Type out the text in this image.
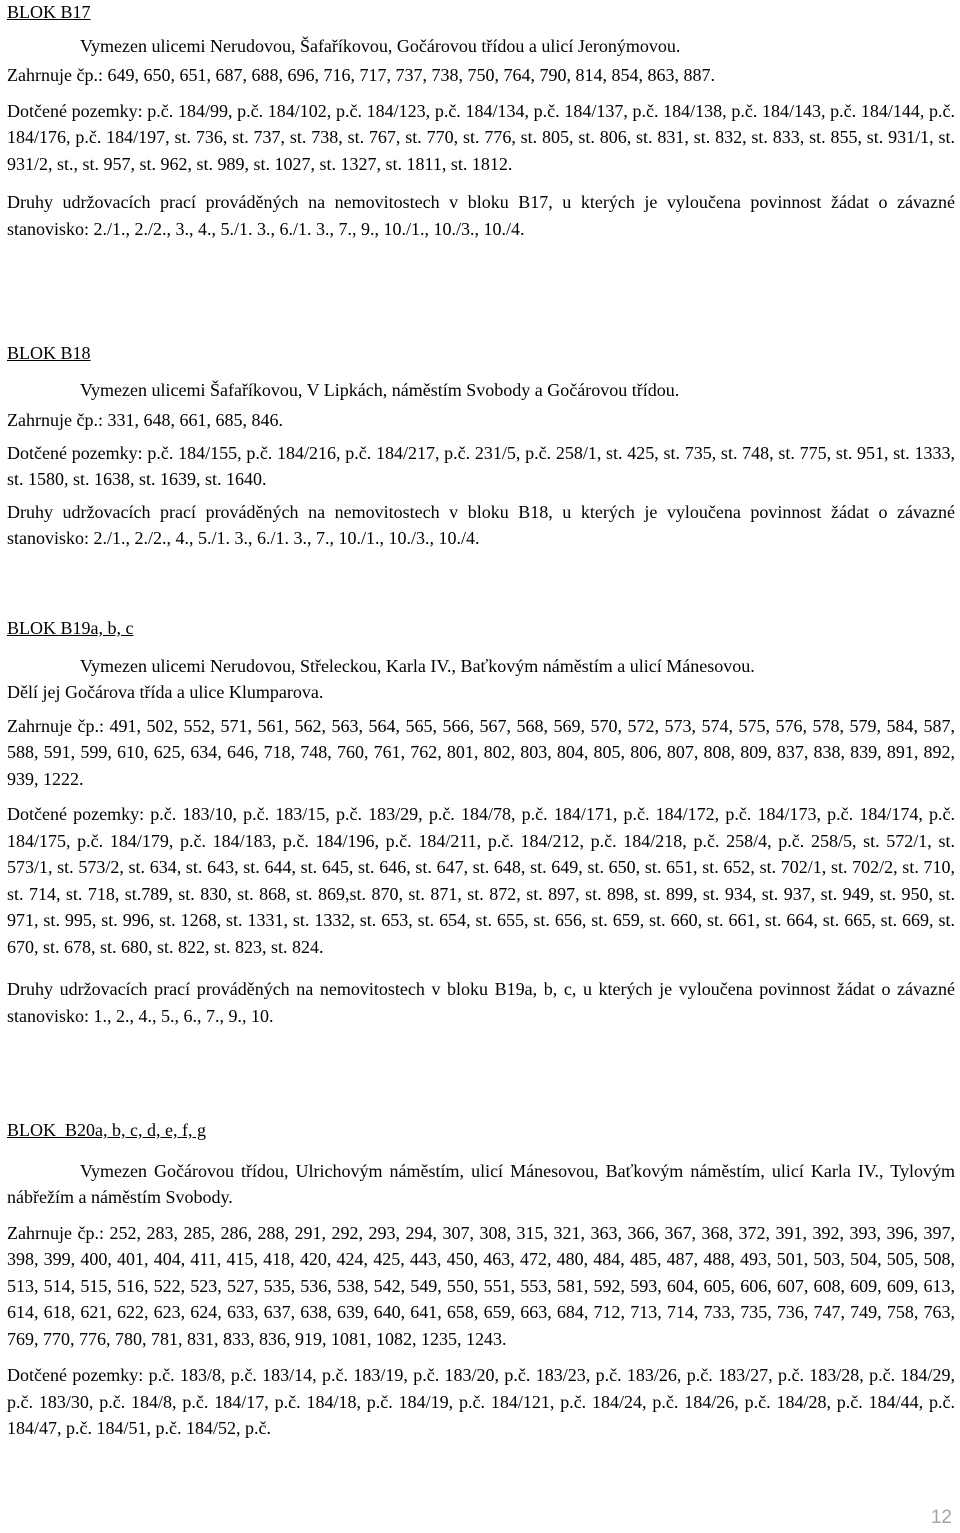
BLOK B17

Vymezen ulicemi Nerudovou, Šafaříkovou, Gočárovou třídou a ulicí Jeronýmovou.

Zahrnuje čp.: 649, 650, 651, 687, 688, 696, 716, 717, 737, 738, 750, 764, 790, 814, 854, 863, 887.

Dotčené pozemky: p.č. 184/99, p.č. 184/102, p.č. 184/123, p.č. 184/134, p.č. 184/137, p.č. 184/138, p.č. 184/143, p.č. 184/144, p.č. 184/176, p.č. 184/197, st. 736, st. 737, st. 738, st. 767, st. 770, st. 776, st. 805, st. 806, st. 831, st. 832, st. 833, st. 855, st. 931/1, st. 931/2, st., st. 957, st. 962, st. 989, st. 1027, st. 1327, st. 1811, st. 1812.

Druhy udržovacích prací prováděných na nemovitostech v bloku B17, u kterých je vyloučena povinnost žádat o závazné stanovisko: 2./1., 2./2., 3., 4., 5./1. 3., 6./1. 3., 7., 9., 10./1., 10./3., 10./4.

BLOK B18

Vymezen ulicemi Šafaříkovou, V Lipkách, náměstím Svobody a Gočárovou třídou.

Zahrnuje čp.: 331, 648, 661, 685, 846.

Dotčené pozemky: p.č. 184/155, p.č. 184/216, p.č. 184/217, p.č. 231/5, p.č. 258/1, st. 425, st. 735, st. 748, st. 775, st. 951, st. 1333, st. 1580, st. 1638, st. 1639, st. 1640.

Druhy udržovacích prací prováděných na nemovitostech v bloku B18, u kterých je vyloučena povinnost žádat o závazné stanovisko: 2./1., 2./2., 4., 5./1. 3., 6./1. 3., 7., 10./1., 10./3., 10./4.

BLOK B19a, b, c

Vymezen ulicemi Nerudovou, Střeleckou, Karla IV., Baťkovým náměstím a ulicí Mánesovou.

Dělí jej Gočárova třída a ulice Klumparova.

Zahrnuje čp.: 491, 502, 552, 571, 561, 562, 563, 564, 565, 566, 567, 568, 569, 570, 572, 573, 574, 575, 576, 578, 579, 584, 587, 588, 591, 599, 610, 625, 634, 646, 718, 748, 760, 761, 762, 801, 802, 803, 804, 805, 806, 807, 808, 809, 837, 838, 839, 891, 892, 939, 1222.

Dotčené pozemky: p.č. 183/10, p.č. 183/15, p.č. 183/29, p.č. 184/78, p.č. 184/171, p.č. 184/172, p.č. 184/173, p.č. 184/174, p.č. 184/175, p.č. 184/179, p.č. 184/183, p.č. 184/196, p.č. 184/211, p.č. 184/212, p.č. 184/218, p.č. 258/4, p.č. 258/5, st. 572/1, st. 573/1, st. 573/2, st. 634, st. 643, st. 644, st. 645, st. 646, st. 647, st. 648, st. 649, st. 650, st. 651, st. 652, st. 702/1, st. 702/2, st. 710, st. 714, st. 718, st.789, st. 830, st. 868, st. 869,st. 870, st. 871, st. 872, st. 897, st. 898, st. 899, st. 934, st. 937, st. 949, st. 950, st. 971, st. 995, st. 996, st. 1268, st. 1331, st. 1332, st. 653, st. 654, st. 655, st. 656, st. 659, st. 660, st. 661, st. 664, st. 665, st. 669, st. 670, st. 678, st. 680, st. 822, st. 823, st. 824.

Druhy udržovacích prací prováděných na nemovitostech v bloku B19a, b, c, u kterých je vyloučena povinnost žádat o závazné stanovisko: 1., 2., 4., 5., 6., 7., 9., 10.

BLOK  B20a, b, c, d, e, f, g

Vymezen Gočárovou třídou, Ulrichovým náměstím, ulicí Mánesovou, Baťkovým náměstím, ulicí Karla IV., Tylovým nábřežím a náměstím Svobody.

Zahrnuje čp.: 252, 283, 285, 286, 288, 291, 292, 293, 294, 307, 308, 315, 321, 363, 366, 367, 368, 372, 391, 392, 393, 396, 397, 398, 399, 400, 401, 404, 411, 415, 418, 420, 424, 425, 443, 450, 463, 472, 480, 484, 485, 487, 488, 493, 501, 503, 504, 505, 508, 513, 514, 515, 516, 522, 523, 527, 535, 536, 538, 542, 549, 550, 551, 553, 581, 592, 593, 604, 605, 606, 607, 608, 609, 609, 613, 614, 618, 621, 622, 623, 624, 633, 637, 638, 639, 640, 641, 658, 659, 663, 684, 712, 713, 714, 733, 735, 736, 747, 749, 758, 763, 769, 770, 776, 780, 781, 831, 833, 836, 919, 1081, 1082, 1235, 1243.

Dotčené pozemky: p.č. 183/8, p.č. 183/14, p.č. 183/19, p.č. 183/20, p.č. 183/23, p.č. 183/26, p.č. 183/27, p.č. 183/28, p.č. 184/29, p.č. 183/30, p.č. 184/8, p.č. 184/17, p.č. 184/18, p.č. 184/19, p.č. 184/121, p.č. 184/24, p.č. 184/26, p.č. 184/28, p.č. 184/44, p.č. 184/47, p.č. 184/51, p.č. 184/52, p.č.

12
